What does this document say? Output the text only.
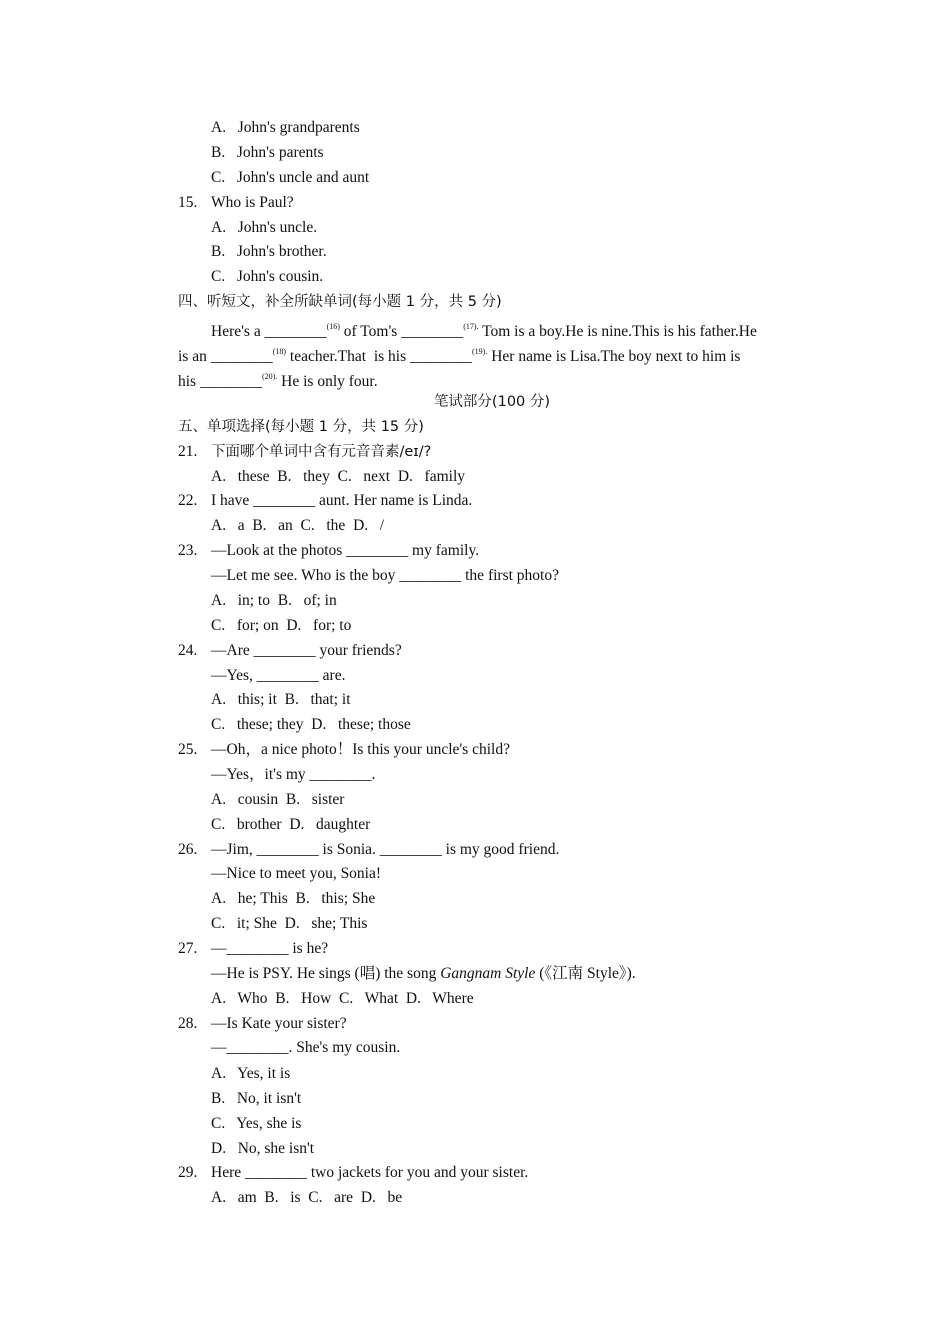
A.   John's grandparents
B.   John's parents
C.   John's uncle and aunt
15. Who is Paul?
A.   John's uncle.
B.   John's brother.
C.   John's cousin.
四、听短文，补全所缺单词(每小题 1 分，共 5 分)
Here's a ________$^{(16)}$ of Tom's ________$^{(17).}$ Tom is a boy.He is nine.This is his father.He
is an ________$^{(18)}$ teacher.That  is his ________$^{(19).}$ Her name is Lisa.The boy next to him is
his ________$^{(20).}$ He is only four.
笔试部分(100 分)
五、单项选择(每小题 1 分，共 15 分)
21. 下面哪个单词中含有元音音素/eɪ/?
A.   these  B.   they  C.   next  D.   family
22. I have ________ aunt. Her name is Linda.
A.   a  B.   an  C.   the  D.   /
23. —Look at the photos ________ my family.
—Let me see. Who is the boy ________ the first photo?
A.   in; to  B.   of; in
C.   for; on  D.   for; to
24. —Are ________ your friends?
—Yes, ________ are.
A.   this; it  B.   that; it
C.   these; they  D.   these; those
25. —Oh，a nice photo！Is this your uncle's child?
—Yes，it's my ________.
A.   cousin  B.   sister
C.   brother  D.   daughter
26. —Jim, ________ is Sonia. ________ is my good friend.
—Nice to meet you, Sonia!
A.   he; This  B.   this; She
C.   it; She  D.   she; This
27. —________ is he?
—He is PSY. He sings (唱) the song Gangnam Style (《江南 Style》).
A.   Who  B.   How  C.   What  D.   Where
28. —Is Kate your sister?
—________. She's my cousin.
A.   Yes, it is
B.   No, it isn't
C.   Yes, she is
D.   No, she isn't
29. Here ________ two jackets for you and your sister.
A.   am  B.   is  C.   are  D.   be
